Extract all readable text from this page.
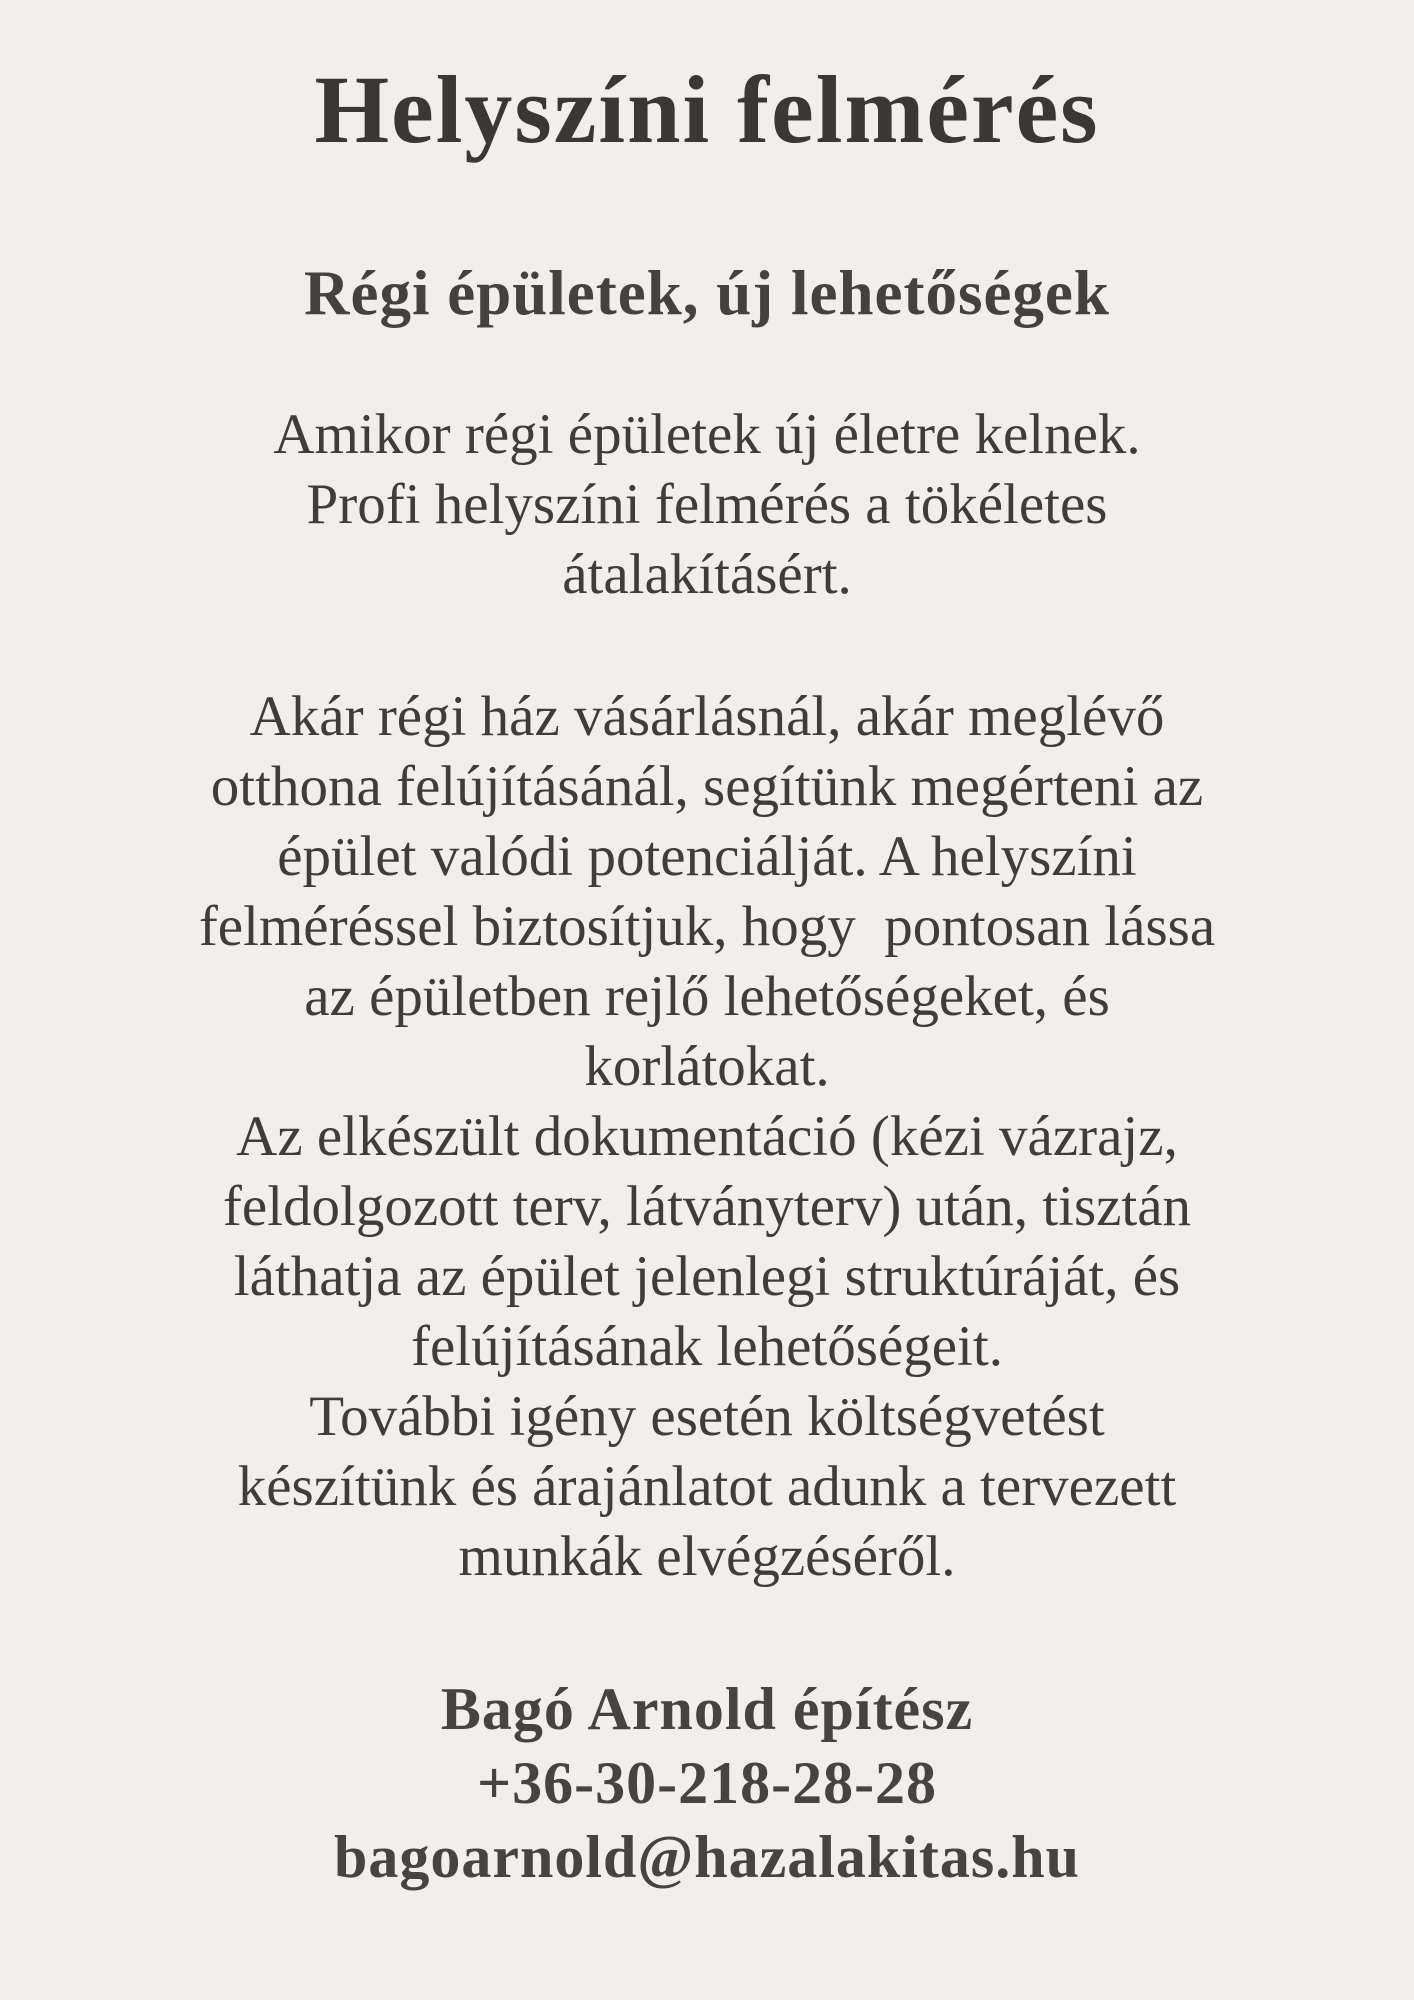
Helyszíni felmérés
Régi épületek, új lehetőségek
Amikor régi épületek új életre kelnek.
Profi helyszíni felmérés a tökéletes
átalakításért.
Akár régi ház vásárlásnál, akár meglévő
otthona felújításánál, segítünk megérteni az
épület valódi potenciálját. A helyszíni
felméréssel biztosítjuk, hogy  pontosan lássa
az épületben rejlő lehetőségeket, és
korlátokat.
Az elkészült dokumentáció (kézi vázrajz,
feldolgozott terv, látványterv) után, tisztán
láthatja az épület jelenlegi struktúráját, és
felújításának lehetőségeit.
További igény esetén költségvetést
készítünk és árajánlatot adunk a tervezett
munkák elvégzéséről.
Bagó Arnold építész
+36-30-218-28-28
bagoarnold@hazalakitas.hu
